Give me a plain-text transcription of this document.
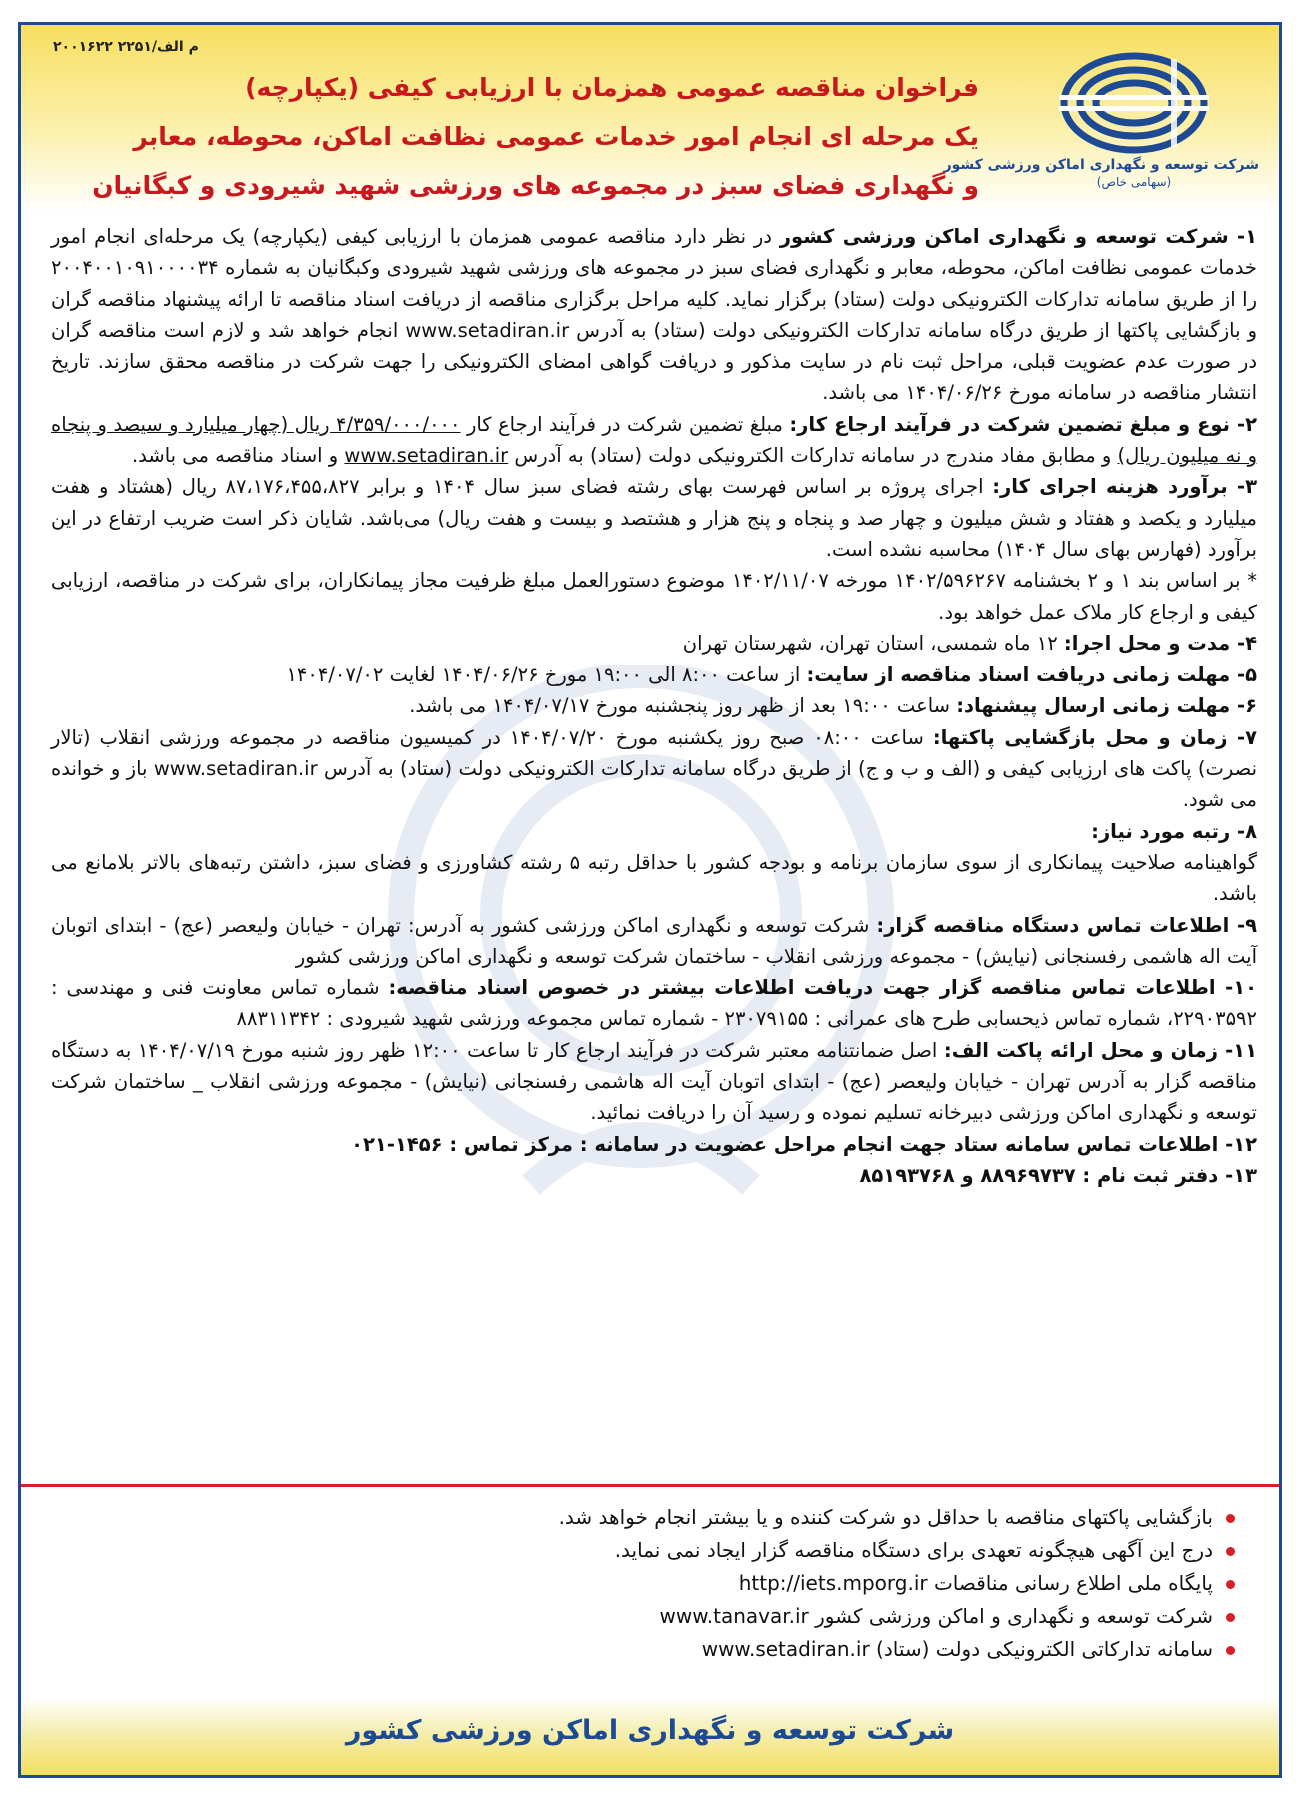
م الف/۲۲۵۱ ۲۰۰۱۶۲۲
شرکت توسعه و نگهداری اماکن ورزشی کشور
(سهامی خاص)
فراخوان مناقصه عمومی همزمان با ارزیابی کیفی (یکپارچه)
یک مرحله ای انجام امور خدمات عمومی نظافت اماکن، محوطه، معابر
و نگهداری فضای سبز در مجموعه های ورزشی شهید شیرودی و کبگانیان

۱- شرکت توسعه و نگهداری اماکن ورزشی کشور در نظر دارد مناقصه عمومی همزمان با ارزیابی کیفی (یکپارچه) یک مرحله‌ای انجام امور خدمات عمومی نظافت اماکن، محوطه، معابر و نگهداری فضای سبز در مجموعه های ورزشی شهید شیرودی وکبگانیان به شماره ۲۰۰۴۰۰۱۰۹۱۰۰۰۰۳۴ را از طریق سامانه تدارکات الکترونیکی دولت (ستاد) برگزار نماید. کلیه مراحل برگزاری مناقصه از دریافت اسناد مناقصه تا ارائه پیشنهاد مناقصه گران و بازگشایی پاکتها از طریق درگاه سامانه تدارکات الکترونیکی دولت (ستاد) به آدرس www.setadiran.ir انجام خواهد شد و لازم است مناقصه گران در صورت عدم عضویت قبلی، مراحل ثبت نام در سایت مذکور و دریافت گواهی امضای الکترونیکی را جهت شرکت در مناقصه محقق سازند. تاریخ انتشار مناقصه در سامانه مورخ ۱۴۰۴/۰۶/۲۶ می باشد.

۲- نوع و مبلغ تضمین شرکت در فرآیند ارجاع کار: مبلغ تضمین شرکت در فرآیند ارجاع کار ۴/۳۵۹/۰۰۰/۰۰۰ ریال (چهار میلیارد و سیصد و پنجاه و نه میلیون ریال) و مطابق مفاد مندرج در سامانه تدارکات الکترونیکی دولت (ستاد) به آدرس www.setadiran.ir و اسناد مناقصه می باشد.

۳- برآورد هزینه اجرای کار: اجرای پروژه بر اساس فهرست بهای رشته فضای سبز سال ۱۴۰۴ و برابر ۸۷،۱۷۶،۴۵۵،۸۲۷ ریال (هشتاد و هفت میلیارد و یکصد و هفتاد و شش میلیون و چهار صد و پنجاه و پنج هزار و هشتصد و بیست و هفت ریال) می‌باشد. شایان ذکر است ضریب ارتفاع در این برآورد (فهارس بهای سال ۱۴۰۴) محاسبه نشده است.

* بر اساس بند ۱ و ۲ بخشنامه ۱۴۰۲/۵۹۶۲۶۷ مورخه ۱۴۰۲/۱۱/۰۷ موضوع دستورالعمل مبلغ ظرفیت مجاز پیمانکاران، برای شرکت در مناقصه، ارزیابی کیفی و ارجاع کار ملاک عمل خواهد بود.

۴- مدت و محل اجرا: ۱۲ ماه شمسی، استان تهران، شهرستان تهران

۵- مهلت زمانی دریافت اسناد مناقصه از سایت: از ساعت ۸:۰۰ الی ۱۹:۰۰ مورخ ۱۴۰۴/۰۶/۲۶ لغایت ۱۴۰۴/۰۷/۰۲

۶- مهلت زمانی ارسال پیشنهاد: ساعت ۱۹:۰۰ بعد از ظهر روز پنجشنبه مورخ ۱۴۰۴/۰۷/۱۷ می باشد.

۷- زمان و محل بازگشایی پاکتها: ساعت ۰۸:۰۰ صبح روز یکشنبه مورخ ۱۴۰۴/۰۷/۲۰ در کمیسیون مناقصه در مجموعه ورزشی انقلاب (تالار نصرت) پاکت های ارزیابی کیفی و (الف و ب و ج) از طریق درگاه سامانه تدارکات الکترونیکی دولت (ستاد) به آدرس www.setadiran.ir باز و خوانده می شود.

۸- رتبه مورد نیاز:

گواهینامه صلاحیت پیمانکاری از سوی سازمان برنامه و بودجه کشور با حداقل رتبه ۵ رشته کشاورزی و فضای سبز، داشتن رتبه‌های بالاتر بلامانع می باشد.

۹- اطلاعات تماس دستگاه مناقصه گزار: شرکت توسعه و نگهداری اماکن ورزشی کشور به آدرس: تهران - خیابان ولیعصر (عج) - ابتدای اتوبان آیت اله هاشمی رفسنجانی (نیایش) - مجموعه ورزشی انقلاب - ساختمان شرکت توسعه و نگهداری اماکن ورزشی کشور

۱۰- اطلاعات تماس مناقصه گزار جهت دریافت اطلاعات بیشتر در خصوص اسناد مناقصه: شماره تماس معاونت فنی و مهندسی : ۲۲۹۰۳۵۹۲، شماره تماس ذیحسابی طرح های عمرانی : ۲۳۰۷۹۱۵۵ - شماره تماس مجموعه ورزشی شهید شیرودی : ۸۸۳۱۱۳۴۲

۱۱- زمان و محل ارائه پاکت الف: اصل ضمانتنامه معتبر شرکت در فرآیند ارجاع کار تا ساعت ۱۲:۰۰ ظهر روز شنبه مورخ ۱۴۰۴/۰۷/۱۹ به دستگاه مناقصه گزار به آدرس تهران - خیابان ولیعصر (عج) - ابتدای اتوبان آیت اله هاشمی رفسنجانی (نیایش) - مجموعه ورزشی انقلاب _ ساختمان شرکت توسعه و نگهداری اماکن ورزشی دبیرخانه تسلیم نموده و رسید آن را دریافت نمائید.

۱۲- اطلاعات تماس سامانه ستاد جهت انجام مراحل عضویت در سامانه : مرکز تماس : ۱۴۵۶-۰۲۱

۱۳- دفتر ثبت نام : ۸۸۹۶۹۷۳۷ و ۸۵۱۹۳۷۶۸

بازگشایی پاکتهای مناقصه با حداقل دو شرکت کننده و یا بیشتر انجام خواهد شد.
درج این آگهی هیچگونه تعهدی برای دستگاه مناقصه گزار ایجاد نمی نماید.
پایگاه ملی اطلاع رسانی مناقصات http://iets.mporg.ir
شرکت توسعه و نگهداری و اماکن ورزشی کشور www.tanavar.ir
سامانه تدارکاتی الکترونیکی دولت (ستاد) www.setadiran.ir
شرکت توسعه و نگهداری اماکن ورزشی کشور
